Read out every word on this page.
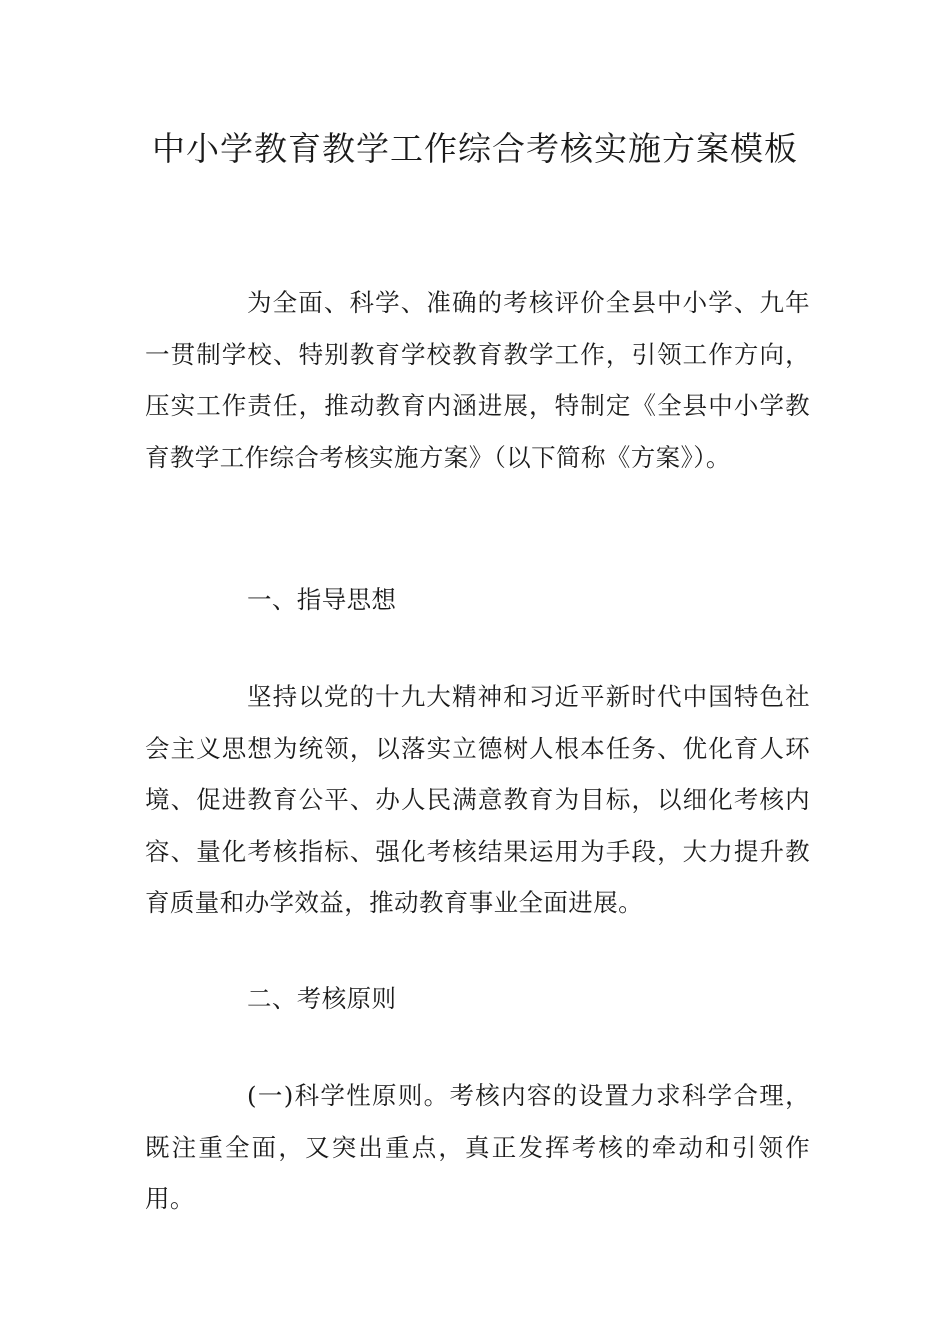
中小学教育教学工作综合考核实施方案模板

为全面、科学、准确的考核评价全县中小学、九年一贯制学校、特别教育学校教育教学工作，引领工作方向，压实工作责任，推动教育内涵进展，特制定《全县中小学教育教学工作综合考核实施方案》（以下简称《方案》）。

一、指导思想

坚持以党的十九大精神和习近平新时代中国特色社会主义思想为统领，以落实立德树人根本任务、优化育人环境、促进教育公平、办人民满意教育为目标，以细化考核内容、量化考核指标、强化考核结果运用为手段，大力提升教育质量和办学效益，推动教育事业全面进展。

二、考核原则

(一)科学性原则。考核内容的设置力求科学合理，既注重全面，又突出重点，真正发挥考核的牵动和引领作用。
